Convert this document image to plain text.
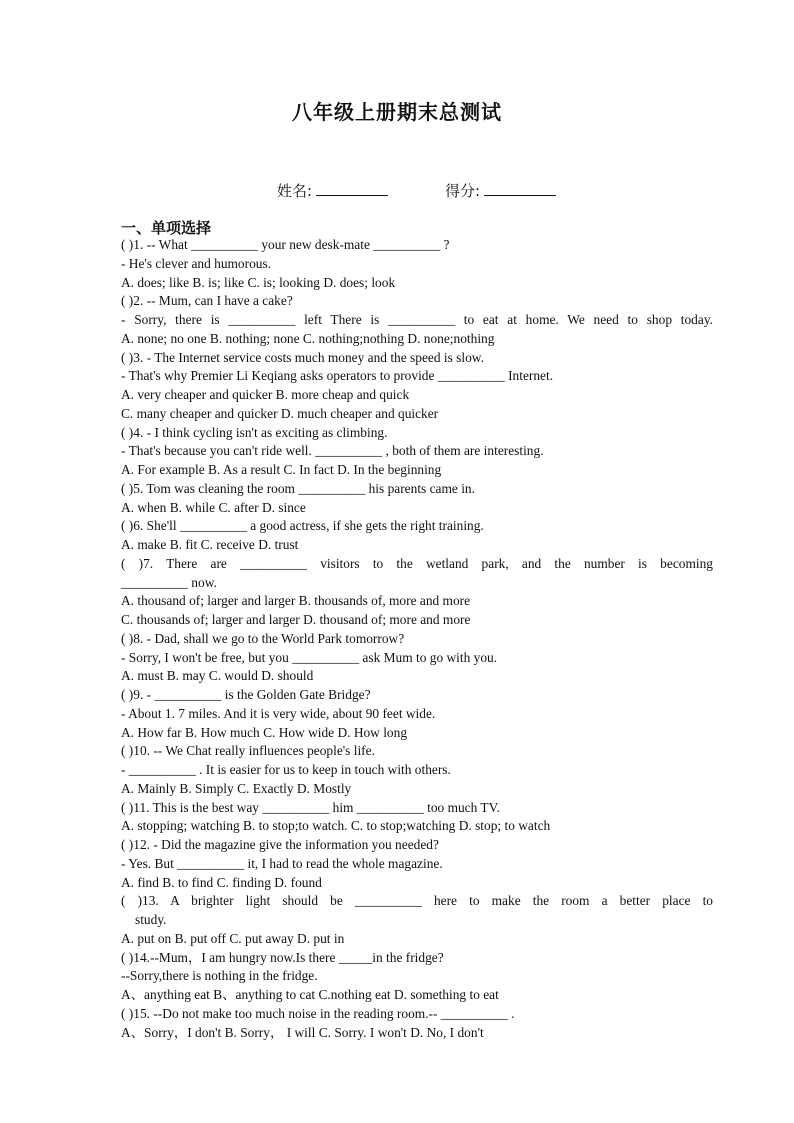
八年级上册期末总测试
姓名:	得分:
一、单项选择
( )1. -- What __________ your new desk-mate __________ ?
- He's clever and humorous.
A. does; like B. is; like C. is; looking D. does; look
( )2. -- Mum, can I have a cake?
- Sorry, there is __________ left There is __________ to eat at home. We need to shop today.
A. none; no one B. nothing; none C. nothing;nothing D. none;nothing
( )3. - The Internet service costs much money and the speed is slow.
- That's why Premier Li Keqiang asks operators to provide __________ Internet.
A. very cheaper and quicker B. more cheap and quick
C. many cheaper and quicker D. much cheaper and quicker
( )4. - I think cycling isn't as exciting as climbing.
- That's because you can't ride well. __________ , both of them are interesting.
A. For example B. As a result C. In fact D. In the beginning
( )5. Tom was cleaning the room __________ his parents came in.
A. when B. while C. after D. since
( )6. She'll __________ a good actress, if she gets the right training.
A. make B. fit C. receive D. trust
( )7. There are __________ visitors to the wetland park, and the number is becoming
__________ now.
A. thousand of; larger and larger B. thousands of, more and more
C. thousands of; larger and larger D. thousand of; more and more
( )8. - Dad, shall we go to the World Park tomorrow?
- Sorry, I won't be free, but you __________ ask Mum to go with you.
A. must B. may C. would D. should
( )9. - __________ is the Golden Gate Bridge?
- About 1. 7 miles. And it is very wide, about 90 feet wide.
A. How far B. How much C. How wide D. How long
( )10. -- We Chat really influences people's life.
- __________ . It is easier for us to keep in touch with others.
A. Mainly B. Simply C. Exactly D. Mostly
( )11. This is the best way __________ him __________ too much TV.
A. stopping; watching B. to stop;to watch. C. to stop;watching D. stop; to watch
( )12. - Did the magazine give the information you needed?
- Yes. But __________ it, I had to read the whole magazine.
A. find B. to find C. finding D. found
( )13. A brighter light should be __________ here to make the room a better place to
study.
A. put on B. put off C. put away D. put in
( )14.--Mum，I am hungry now.Is there _____in the fridge?
--Sorry,there is nothing in the fridge.
A、anything eat B、anything to cat C.nothing eat D. something to eat
( )15. --Do not make too much noise in the reading room.-- __________ .
A、Sorry，I don't B. Sorry， I will C. Sorry. I won't D. No, I don't
